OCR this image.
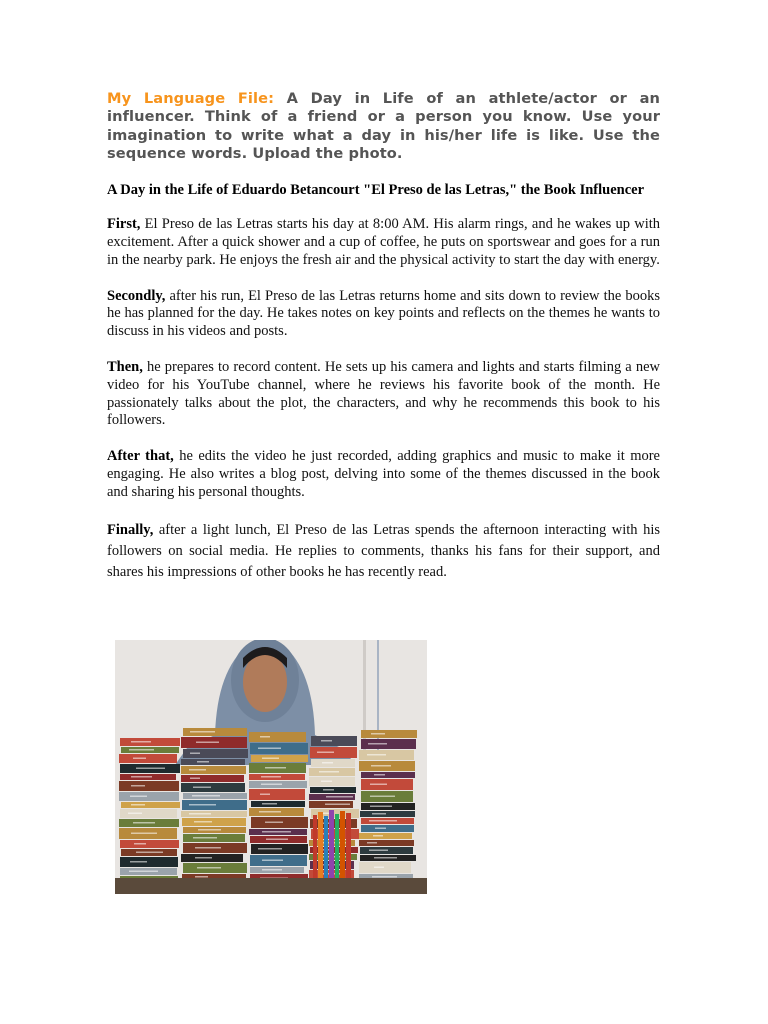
My Language File: A Day in Life of an athlete/actor or an influencer. Think of a friend or a person you know. Use your imagination to write what a day in his/her life is like. Use the sequence words. Upload the photo.

A Day in the Life of Eduardo Betancourt "El Preso de las Letras," the Book Influencer

First, El Preso de las Letras starts his day at 8:00 AM. His alarm rings, and he wakes up with excitement. After a quick shower and a cup of coffee, he puts on sportswear and goes for a run in the nearby park. He enjoys the fresh air and the physical activity to start the day with energy.

Secondly, after his run, El Preso de las Letras returns home and sits down to review the books he has planned for the day. He takes notes on key points and reflects on the themes he wants to discuss in his videos and posts.

Then, he prepares to record content. He sets up his camera and lights and starts filming a new video for his YouTube channel, where he reviews his favorite book of the month. He passionately talks about the plot, the characters, and why he recommends this book to his followers.

After that, he edits the video he just recorded, adding graphics and music to make it more engaging. He also writes a blog post, delving into some of the themes discussed in the book and sharing his personal thoughts.

Finally, after a light lunch, El Preso de las Letras spends the afternoon interacting with his followers on social media. He replies to comments, thanks his fans for their support, and shares his impressions of other books he has recently read.
